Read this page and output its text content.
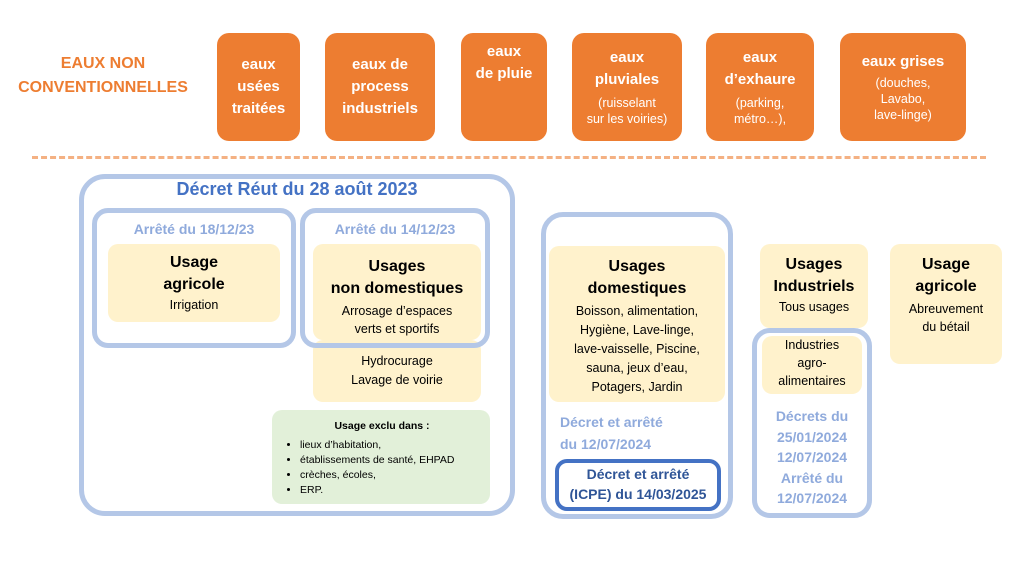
EAUX NON
CONVENTIONNELLES
eaux
usées
traitées
eaux de
process
industriels
eaux
de pluie
eaux
pluviales
(ruisselant
sur les voiries)
eaux
d’exhaure
(parking,
métro…),
eaux grises
(douches,
Lavabo,
lave-linge)
Décret Réut du 28 août 2023
Arrêté du 18/12/23
Usage
agricole
Irrigation
Hydrocurage
Lavage de voirie
Usages
non domestiques
Arrosage d’espaces
verts et sportifs
Arrêté du 14/12/23
Usage exclu dans :
• lieux d’habitation,
• établissements de santé, EHPAD
• crèches, écoles,
• ERP.
Usages
domestiques
Boisson, alimentation,
Hygiène, Lave-linge,
lave-vaisselle, Piscine,
sauna, jeux d’eau,
Potagers, Jardin
Décret et arrêté
du 12/07/2024
Décret et arrêté
(ICPE) du 14/03/2025
Usages
Industriels
Tous usages
Industries
agro-
alimentaires
Décrets du
25/01/2024
12/07/2024
Arrêté du
12/07/2024
Usage
agricole
Abreuvement
du bétail
